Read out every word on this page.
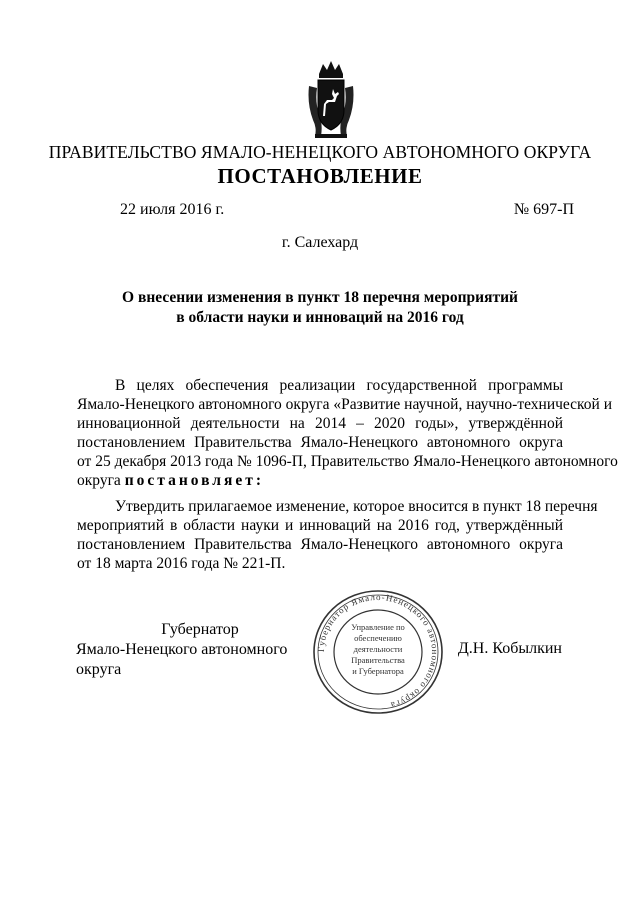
ПРАВИТЕЛЬСТВО ЯМАЛО-НЕНЕЦКОГО АВТОНОМНОГО ОКРУГА
ПОСТАНОВЛЕНИЕ
22 июля 2016 г.	№ 697-П
г. Салехард
О внесении изменения в пункт 18 перечня мероприятий
в области науки и инноваций на 2016 год
В целях обеспечения реализации государственной программы
Ямало-Ненецкого автономного округа «Развитие научной, научно-технической и
инновационной деятельности на 2014 – 2020 годы», утверждённой
постановлением Правительства Ямало-Ненецкого автономного округа
от 25 декабря 2013 года № 1096-П, Правительство Ямало-Ненецкого автономного
округа постановляет:
Утвердить прилагаемое изменение, которое вносится в пункт 18 перечня
мероприятий в области науки и инноваций на 2016 год, утверждённый
постановлением Правительства Ямало-Ненецкого автономного округа
от 18 марта 2016 года № 221-П.
Губернатор
Ямало-Ненецкого автономного округа
Д.Н. Кобылкин
Губернатор Ямало-Ненецкого автономного округа
Управление по
обеспечению
деятельности
Правительства
и Губернатора
